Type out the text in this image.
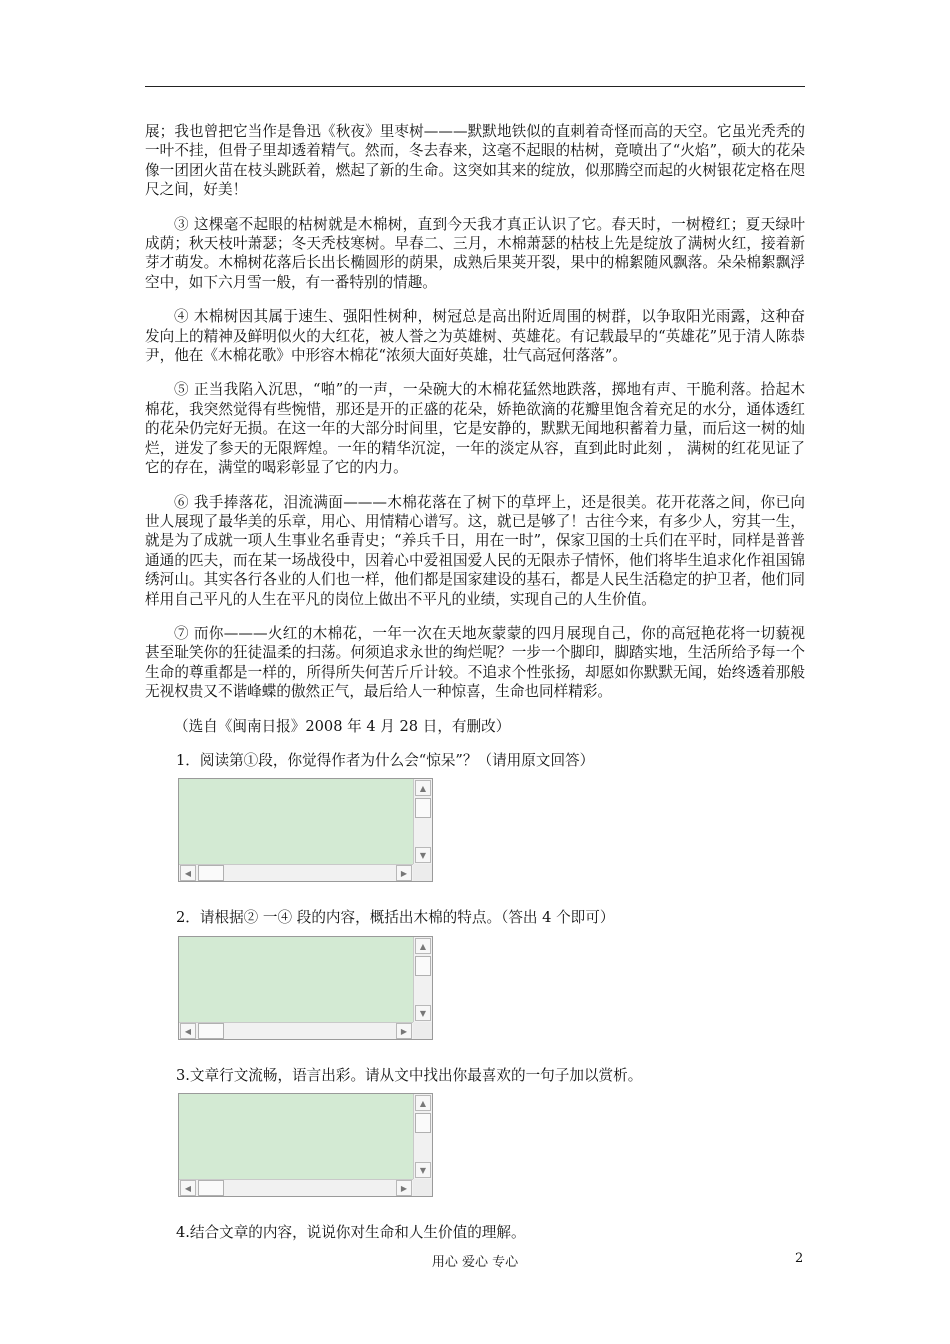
展；我也曾把它当作是鲁迅《秋夜》里枣树———默默地铁似的直刺着奇怪而高的天空。它虽光秃秃的一叶不挂，但骨子里却透着精气。然而，冬去春来，这毫不起眼的枯树，竟喷出了“火焰”，硕大的花朵像一团团火苗在枝头跳跃着，燃起了新的生命。这突如其来的绽放，似那腾空而起的火树银花定格在咫尺之间，好美！

③ 这棵毫不起眼的枯树就是木棉树，直到今天我才真正认识了它。春天时，一树橙红；夏天绿叶成荫；秋天枝叶萧瑟；冬天秃枝寒树。早春二、三月，木棉萧瑟的枯枝上先是绽放了满树火红，接着新芽才萌发。木棉树花落后长出长椭圆形的荫果，成熟后果荚开裂，果中的棉絮随风飘落。朵朵棉絮飘浮空中，如下六月雪一般，有一番特别的情趣。

④ 木棉树因其属于速生、强阳性树种，树冠总是高出附近周围的树群，以争取阳光雨露，这种奋发向上的精神及鲜明似火的大红花，被人誉之为英雄树、英雄花。有记载最早的“英雄花”见于清人陈恭尹，他在《木棉花歌》中形容木棉花“浓须大面好英雄，壮气高冠何落落”。

⑤ 正当我陷入沉思，“啪”的一声，一朵碗大的木棉花猛然地跌落，掷地有声、干脆利落。拾起木棉花，我突然觉得有些惋惜，那还是开的正盛的花朵，娇艳欲滴的花瓣里饱含着充足的水分，通体透红的花朵仍完好无损。在这一年的大部分时间里，它是安静的，默默无闻地积蓄着力量，而后这一树的灿烂，迸发了参天的无限辉煌。一年的精华沉淀，一年的淡定从容，直到此时此刻 ， 满树的红花见证了它的存在，满堂的喝彩彰显了它的内力。

⑥ 我手捧落花，泪流满面———木棉花落在了树下的草坪上，还是很美。花开花落之间，你已向世人展现了最华美的乐章，用心、用情精心谱写。这，就已是够了！古往今来，有多少人，穷其一生，就是为了成就一项人生事业名垂青史；“养兵千日，用在一时”，保家卫国的士兵们在平时，同样是普普通通的匹夫，而在某一场战役中，因着心中爱祖国爱人民的无限赤子情怀，他们将毕生追求化作祖国锦绣河山。其实各行各业的人们也一样，他们都是国家建设的基石，都是人民生活稳定的护卫者，他们同样用自己平凡的人生在平凡的岗位上做出不平凡的业绩，实现自己的人生价值。

⑦ 而你———火红的木棉花，一年一次在天地灰蒙蒙的四月展现自己，你的高冠艳花将一切藐视甚至耻笑你的狂徒温柔的扫荡。何须追求永世的绚烂呢？一步一个脚印，脚踏实地，生活所给予每一个生命的尊重都是一样的，所得所失何苦斤斤计较。不追求个性张扬，却愿如你默默无闻，始终透着那般无视权贵又不谐峰蝶的傲然正气，最后给人一种惊喜，生命也同样精彩。

（选自《闽南日报》2008 年 4 月 28 日，有删改）

1．阅读第①段，你觉得作者为什么会“惊呆”？（请用原文回答）

▲
▼
◀	▶

2．请根据② 一④ 段的内容，概括出木棉的特点。（答出 4 个即可）

▲
▼
◀	▶

3.文章行文流畅，语言出彩。请从文中找出你最喜欢的一句子加以赏析。

▲
▼
◀	▶

4.结合文章的内容，说说你对生命和人生价值的理解。

用心 爱心 专心	2
